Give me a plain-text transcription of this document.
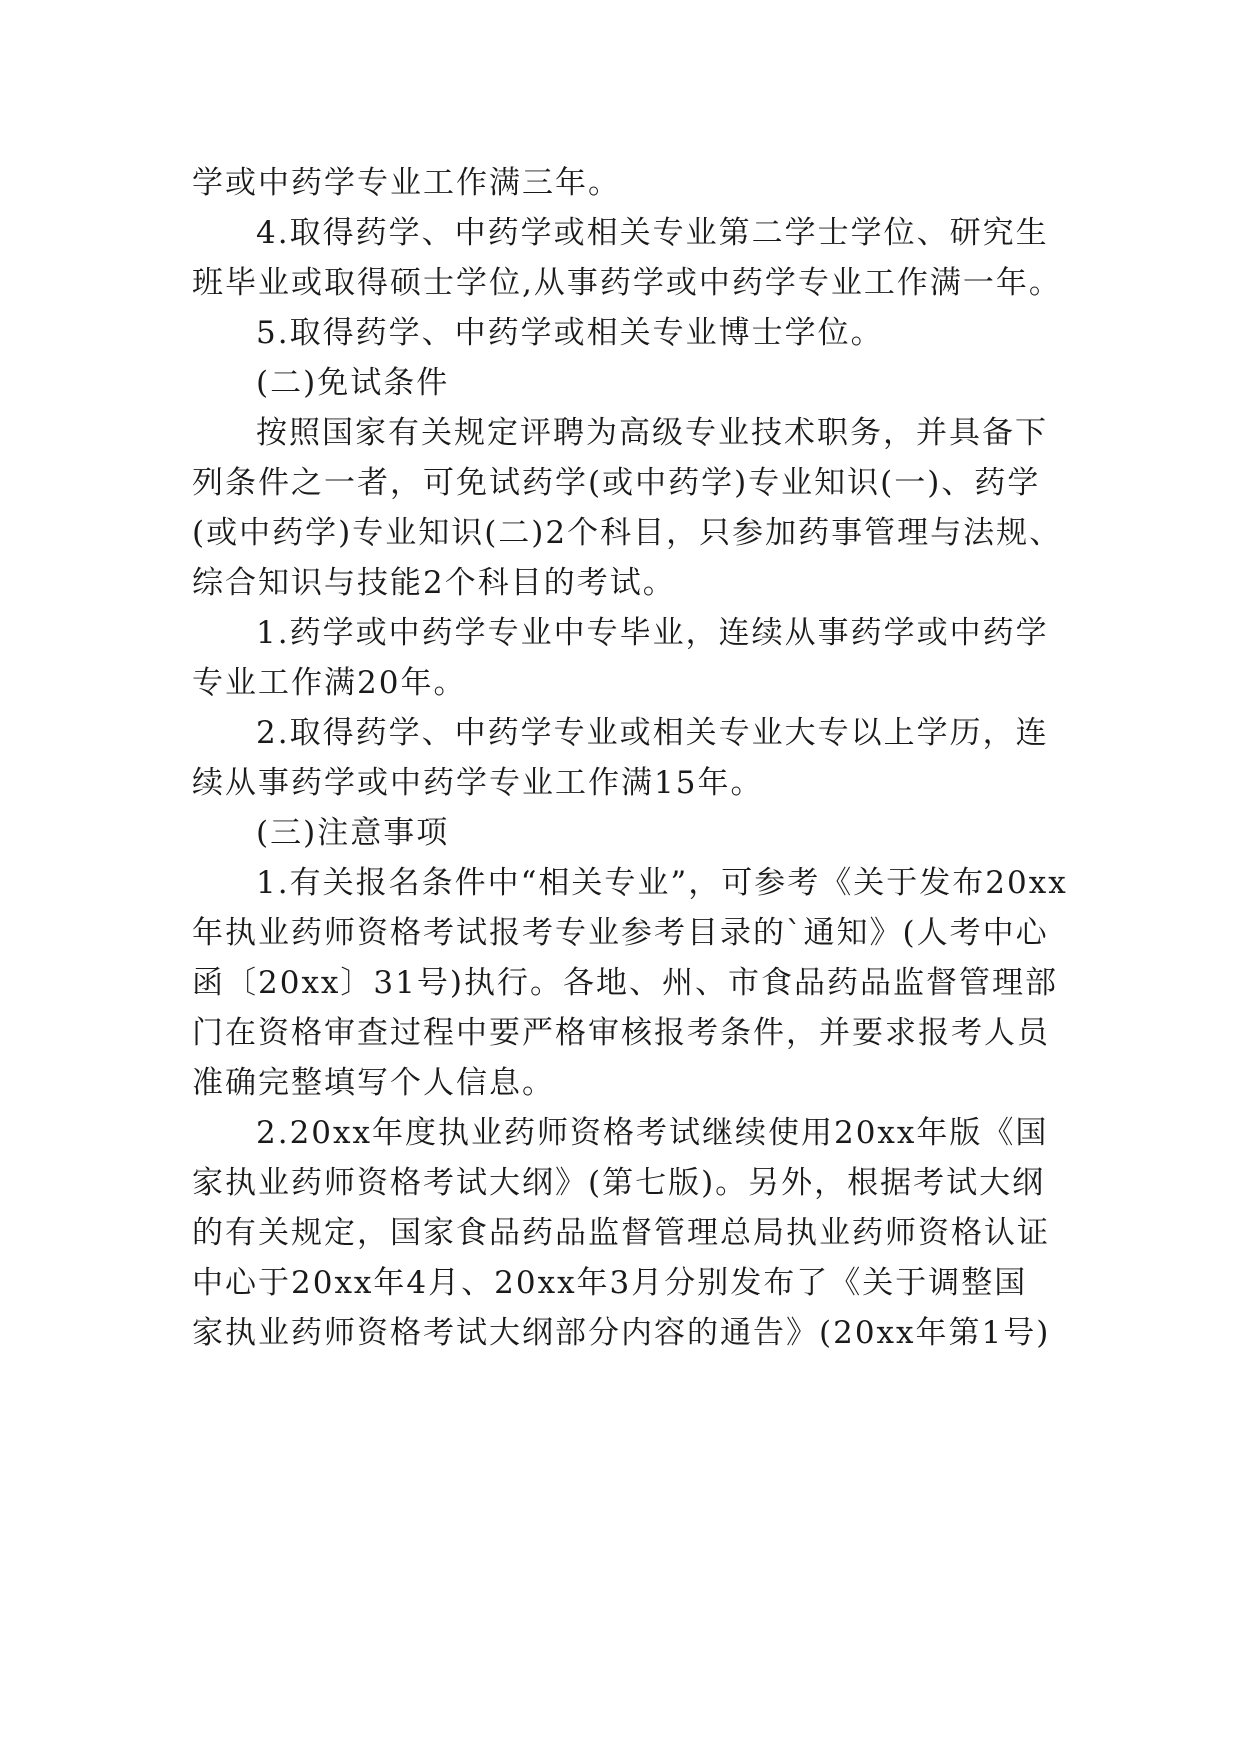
学或中药学专业工作满三年。
4.取得药学、中药学或相关专业第二学士学位、研究生
班毕业或取得硕士学位,从事药学或中药学专业工作满一年。
5.取得药学、中药学或相关专业博士学位。
(二)免试条件
按照国家有关规定评聘为高级专业技术职务，并具备下
列条件之一者，可免试药学(或中药学)专业知识(一)、药学
(或中药学)专业知识(二)2个科目，只参加药事管理与法规、
综合知识与技能2个科目的考试。
1.药学或中药学专业中专毕业，连续从事药学或中药学
专业工作满20年。
2.取得药学、中药学专业或相关专业大专以上学历，连
续从事药学或中药学专业工作满15年。
(三)注意事项
1.有关报名条件中“相关专业”，可参考《关于发布20xx
年执业药师资格考试报考专业参考目录的`通知》(人考中心
函〔20xx〕31号)执行。各地、州、市食品药品监督管理部
门在资格审查过程中要严格审核报考条件，并要求报考人员
准确完整填写个人信息。
2.20xx年度执业药师资格考试继续使用20xx年版《国
家执业药师资格考试大纲》(第七版)。另外，根据考试大纲
的有关规定，国家食品药品监督管理总局执业药师资格认证
中心于20xx年4月、20xx年3月分别发布了《关于调整国
家执业药师资格考试大纲部分内容的通告》(20xx年第1号)
